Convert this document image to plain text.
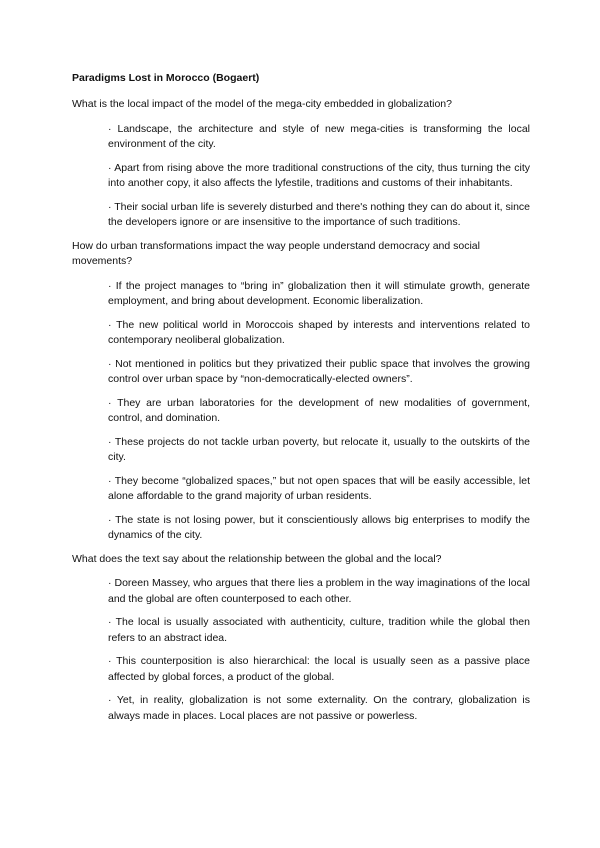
Paradigms Lost in Morocco (Bogaert)
What is the local impact of the model of the mega-city embedded in globalization?
· Landscape, the architecture and style of new mega-cities is transforming the local environment of the city.
· Apart from rising above the more traditional constructions of the city, thus turning the city into another copy, it also affects the lyfestile, traditions and customs of their inhabitants.
· Their social urban life is severely disturbed and there's nothing they can do about it, since the developers ignore or are insensitive to the importance of such traditions.
How do urban transformations impact the way people understand democracy and social movements?
· If the project manages to “bring in” globalization then it will stimulate growth, generate employment, and bring about development. Economic liberalization.
· The new political world in Moroccois shaped by interests and interventions related to contemporary neoliberal globalization.
· Not mentioned in politics but they privatized their public space that involves the growing control over urban space by “non-democratically-elected owners”.
· They are urban laboratories for the development of new modalities of government, control, and domination.
· These projects do not tackle urban poverty, but relocate it, usually to the outskirts of the city.
· They become “globalized spaces,” but not open spaces that will be easily accessible, let alone affordable to the grand majority of urban residents.
· The state is not losing power, but it conscientiously allows big enterprises to modify the dynamics of the city.
What does the text say about the relationship between the global and the local?
· Doreen Massey, who argues that there lies a problem in the way imaginations of the local and the global are often counterposed to each other.
· The local is usually associated with authenticity, culture, tradition while the global then refers to an abstract idea.
· This counterposition is also hierarchical: the local is usually seen as a passive place affected by global forces, a product of the global.
· Yet, in reality, globalization is not some externality. On the contrary, globalization is always made in places. Local places are not passive or powerless.
